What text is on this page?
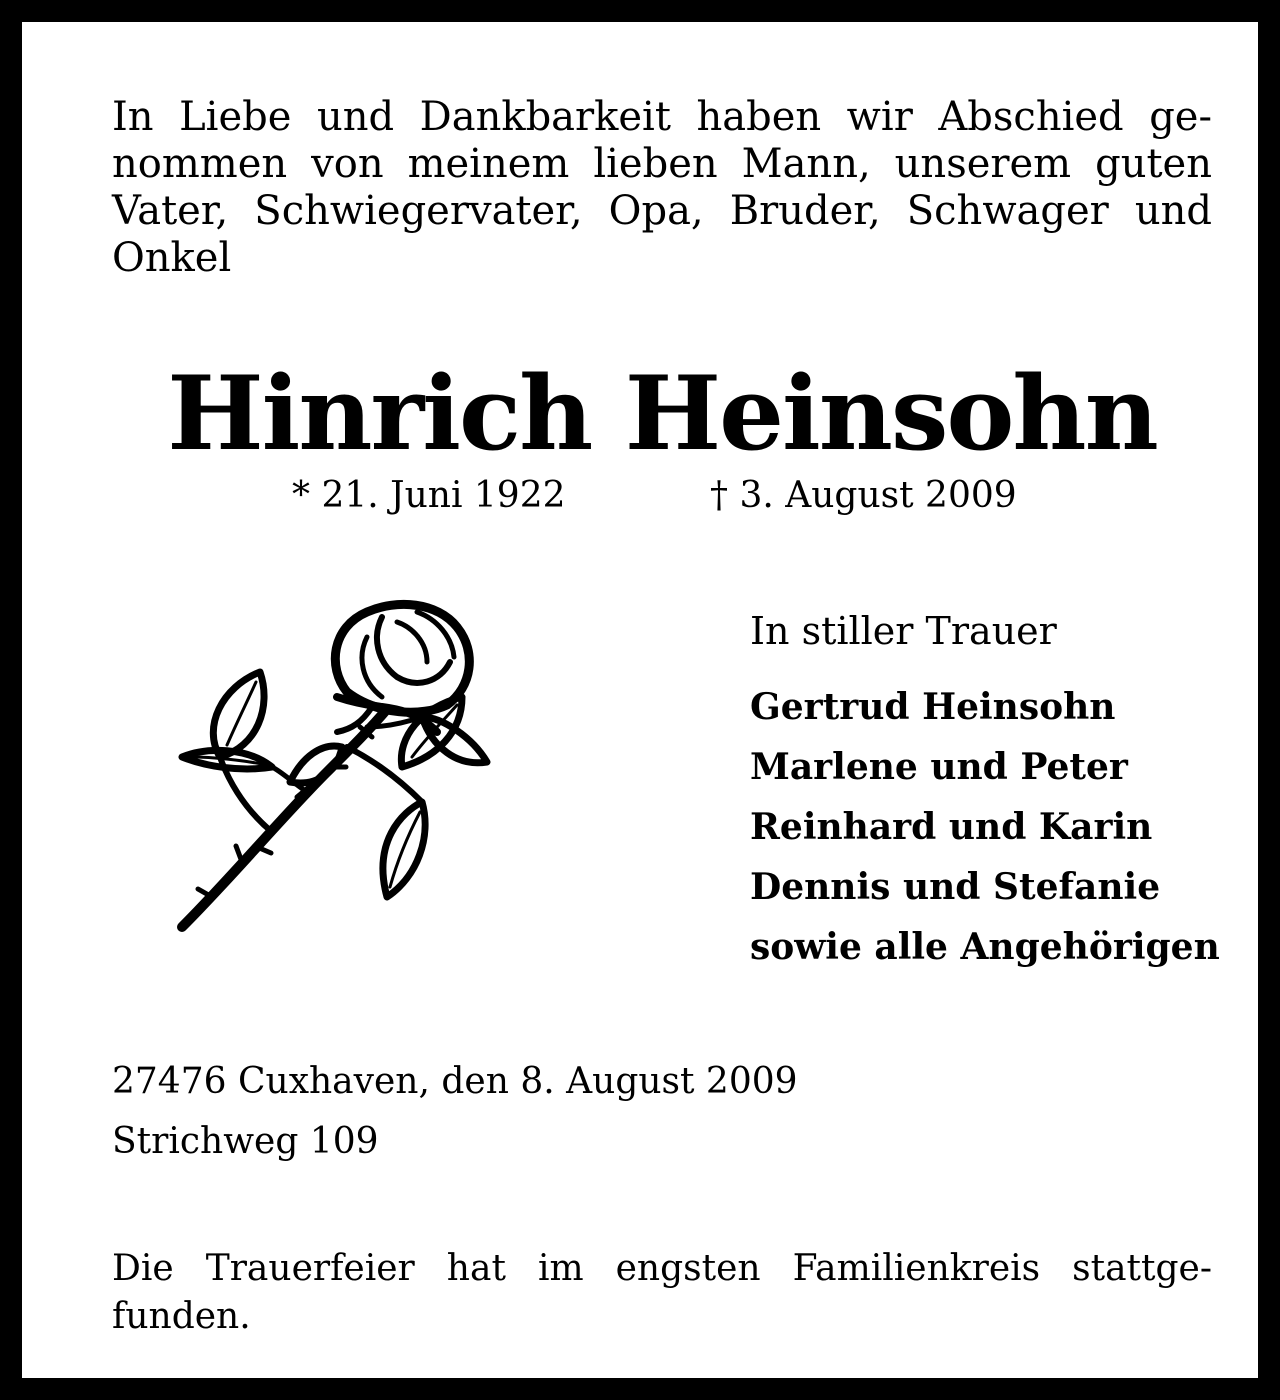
In Liebe und Dankbarkeit haben wir Abschied ge-
nommen von meinem lieben Mann, unserem guten
Vater, Schwiegervater, Opa, Bruder, Schwager und
Onkel
Hinrich Heinsohn
* 21. Juni 1922	† 3. August 2009
In stiller Trauer
Gertrud Heinsohn
Marlene und Peter
Reinhard und Karin
Dennis und Stefanie
sowie alle Angehörigen
27476 Cuxhaven, den 8. August 2009
Strichweg 109
Die Trauerfeier hat im engsten Familienkreis stattge-
funden.
